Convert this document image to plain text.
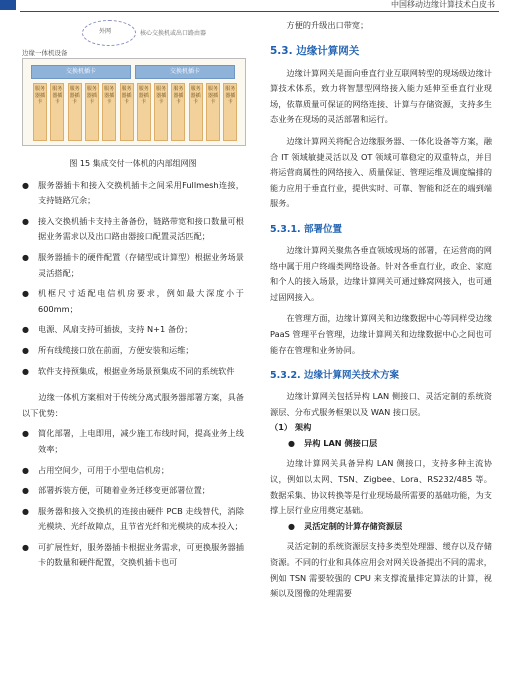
中国移动边缘计算技术白皮书
外网	核心交换机或出口路由器
边缘一体机设备
交换机插卡	交换机插卡
服务器插卡
服务器插卡
服务器插卡
服务器插卡
服务器插卡
服务器插卡
服务器插卡
服务器插卡
服务器插卡
服务器插卡
服务器插卡
服务器插卡

图 15 集成交付一体机的内部组网图

● 服务器插卡和接入交换机插卡之间采用Fullmesh连接，支持链路冗余；
● 接入交换机插卡支持主备备份，链路带宽和接口数量可根据业务需求以及出口路由器接口配置灵活匹配；
● 服务器插卡的硬件配置（存储型或计算型）根据业务场景灵活搭配；
● 机框尺寸适配电信机房要求，例如最大深度小于600mm；
● 电源、风扇支持可插拔，支持 N+1 备份；
● 所有线缆接口放在前面，方便安装和运维；
● 软件支持预集成，根据业务场景预集成不同的系统软件

边缘一体机方案相对于传统分离式服务器部署方案，具备以下优势：

● 简化部署，上电即用，减少施工布线时间，提高业务上线效率；
● 占用空间少，可用于小型电信机房；
● 部署拆装方便，可随着业务迁移变更部署位置；
● 服务器和接入交换机的连接由硬件 PCB 走线替代，消除光模块、光纤故障点，且节省光纤和光模块的成本投入；
● 可扩展性好，服务器插卡根据业务需求，可更换服务器插卡的数量和硬件配置，交换机插卡也可

方便的升级出口带宽；

5.3. 边缘计算网关

边缘计算网关是面向垂直行业互联网转型的现场级边缘计算技术体系，致力将智慧型网络接入能力延伸至垂直行业现场，依靠质量可保证的网络连接、计算与存储资源，支持多生态业务在现场的灵活部署和运行。

边缘计算网关将配合边缘服务器、一体化设备等方案，融合 IT 领域敏捷灵活以及 OT 领域可靠稳定的双重特点，并目将运营商属性的网络接入、质量保证、管理运维及调度编排的能力应用于垂直行业，提供实时、可靠、智能和泛在的端到端服务。

5.3.1. 部署位置

边缘计算网关聚焦各垂直领域现场的部署，在运营商的网络中属于用户终端类网络设备。针对各垂直行业，政企、家庭和个人的接入场景，边缘计算网关可通过蜂窝网接入，也可通过固网接入。

在管理方面，边缘计算网关和边缘数据中心等同样受边缘 PaaS 管理平台管理，边缘计算网关和边缘数据中心之间也可能存在管理和业务协同。

5.3.2. 边缘计算网关技术方案

边缘计算网关包括异构 LAN 侧接口、灵活定制的系统资源层、分布式服务框架以及 WAN 接口层。

（1） 架构

● 异构 LAN 侧接口层

边缘计算网关具备异构 LAN 侧接口，支持多种主流协议，例如以太网、TSN、Zigbee、Lora、RS232/485 等。数据采集、协议转换等是行业现场最所需要的基础功能，为支撑上层行业应用奠定基础。

● 灵活定制的计算存储资源层

灵活定制的系统资源层支持多类型处理器、缓存以及存储资源。不同的行业和具体应用会对网关设备提出不同的需求，例如 TSN 需要较强的 CPU 来支撑流量排定算法的计算，视频以及图像的处理需要
